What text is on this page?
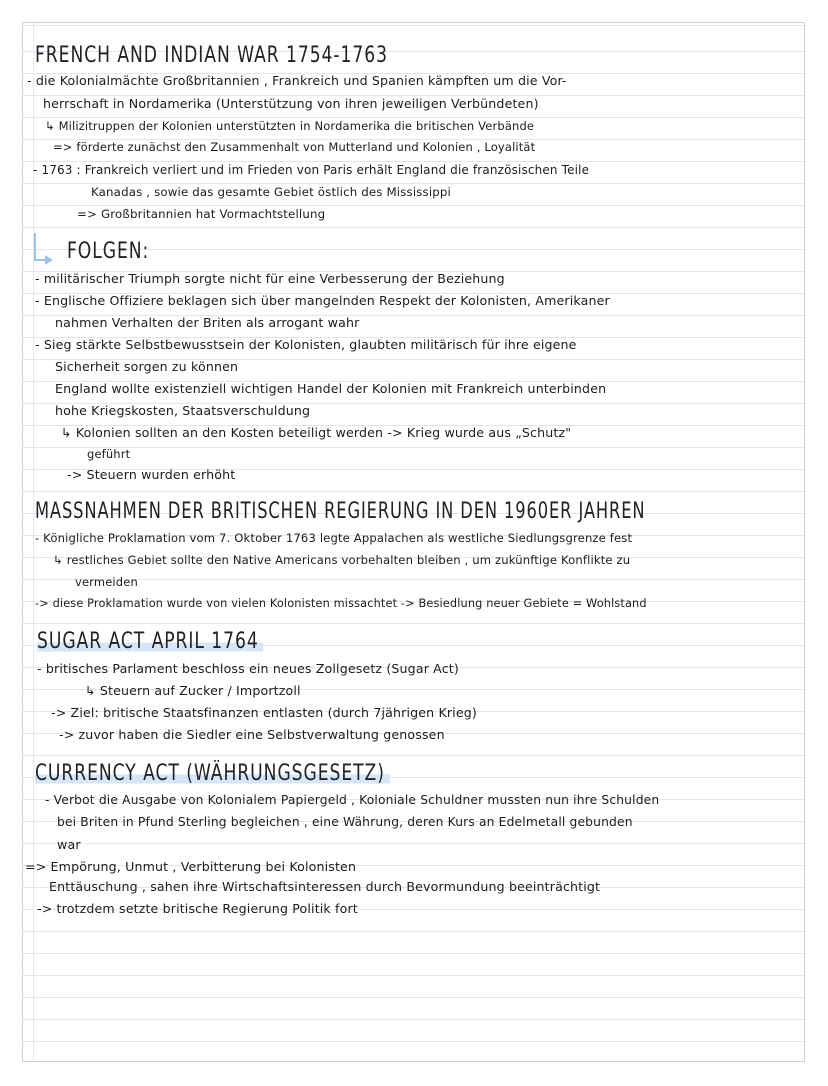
FRENCH AND INDIAN WAR 1754-1763
- die Kolonialmächte Großbritannien , Frankreich und Spanien kämpften um die Vor-
herrschaft in Nordamerika (Unterstützung von ihren jeweiligen Verbündeten)
↳ Milizitruppen der Kolonien unterstützten in Nordamerika die britischen Verbände
=> förderte zunächst den Zusammenhalt von Mutterland und Kolonien , Loyalität
- 1763 : Frankreich verliert und im Frieden von Paris erhält England die französischen Teile
Kanadas , sowie das gesamte Gebiet östlich des Mississippi
=> Großbritannien hat Vormachtstellung
FOLGEN:
- militärischer Triumph sorgte nicht für eine Verbesserung der Beziehung
- Englische Offiziere beklagen sich über mangelnden Respekt der Kolonisten, Amerikaner
nahmen Verhalten der Briten als arrogant wahr
- Sieg stärkte Selbstbewusstsein der Kolonisten, glaubten militärisch für ihre eigene
Sicherheit sorgen zu können
England wollte existenziell wichtigen Handel der Kolonien mit Frankreich unterbinden
hohe Kriegskosten, Staatsverschuldung
↳ Kolonien sollten an den Kosten beteiligt werden -> Krieg wurde aus „Schutz"
geführt
-> Steuern wurden erhöht
MASSNAHMEN DER BRITISCHEN REGIERUNG IN DEN 1960ER JAHREN
- Königliche Proklamation vom 7. Oktober 1763 legte Appalachen als westliche Siedlungsgrenze fest
↳ restliches Gebiet sollte den Native Americans vorbehalten bleiben , um zukünftige Konflikte zu
vermeiden
-> diese Proklamation wurde von vielen Kolonisten missachtet -> Besiedlung neuer Gebiete = Wohlstand
SUGAR ACT APRIL 1764
- britisches Parlament beschloss ein neues Zollgesetz (Sugar Act)
↳ Steuern auf Zucker / Importzoll
-> Ziel: britische Staatsfinanzen entlasten (durch 7jährigen Krieg)
-> zuvor haben die Siedler eine Selbstverwaltung genossen
CURRENCY ACT (WÄHRUNGSGESETZ)
- Verbot die Ausgabe von Kolonialem Papiergeld , Koloniale Schuldner mussten nun ihre Schulden
bei Briten in Pfund Sterling begleichen , eine Währung, deren Kurs an Edelmetall gebunden
war
=> Empörung, Unmut , Verbitterung bei Kolonisten
Enttäuschung , sahen ihre Wirtschaftsinteressen durch Bevormundung beeinträchtigt
-> trotzdem setzte britische Regierung Politik fort
